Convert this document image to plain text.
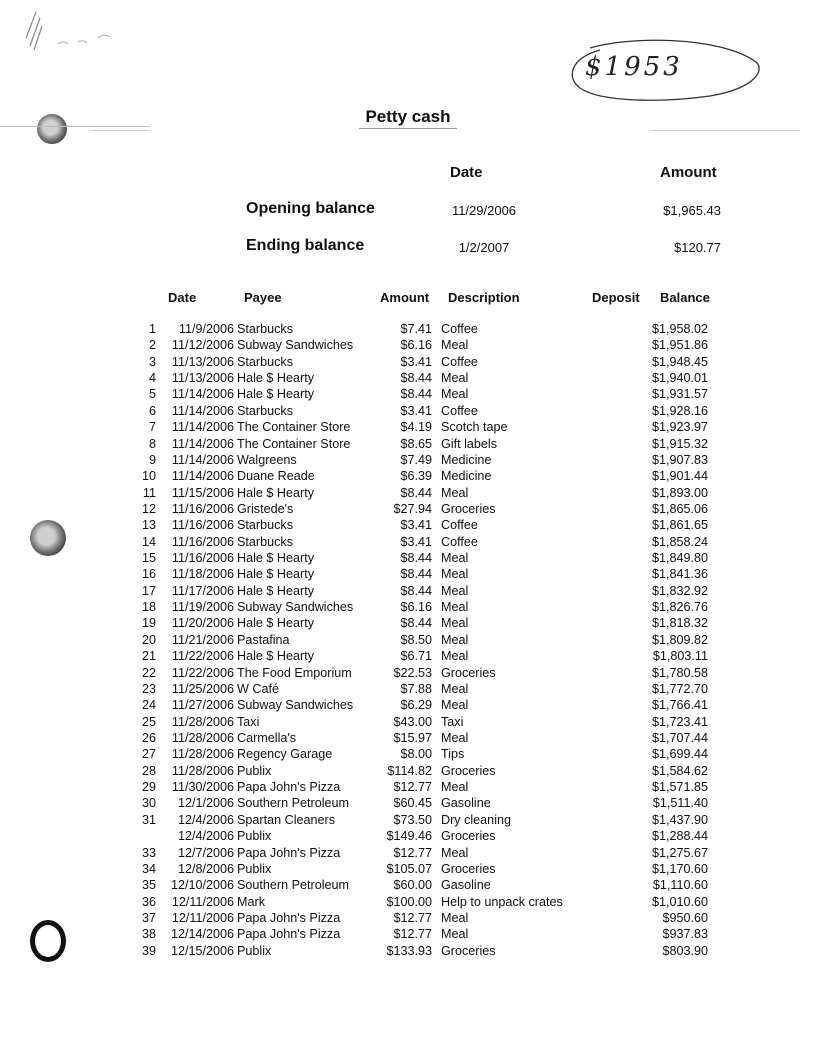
$1953
Petty cash
Date	Amount
Opening balance	11/29/2006	$1,965.43
Ending balance	1/2/2007	$120.77
Date	Payee	Amount Description	Deposit Balance
1	11/9/2006 Starbucks	$7.41 Coffee	$1,958.02
2	11/12/2006 Subway Sandwiches	$6.16 Meal	$1,951.86
3	11/13/2006 Starbucks	$3.41 Coffee	$1,948.45
4	11/13/2006 Hale $ Hearty	$8.44 Meal	$1,940.01
5	11/14/2006 Hale $ Hearty	$8.44 Meal	$1,931.57
6	11/14/2006 Starbucks	$3.41 Coffee	$1,928.16
7	11/14/2006 The Container Store	$4.19 Scotch tape	$1,923.97
8	11/14/2006 The Container Store	$8.65 Gift labels	$1,915.32
9	11/14/2006 Walgreens	$7.49 Medicine	$1,907.83
10	11/14/2006 Duane Reade	$6.39 Medicine	$1,901.44
11	11/15/2006 Hale $ Hearty	$8.44 Meal	$1,893.00
12	11/16/2006 Gristede's	$27.94 Groceries	$1,865.06
13	11/16/2006 Starbucks	$3.41 Coffee	$1,861.65
14	11/16/2006 Starbucks	$3.41 Coffee	$1,858.24
15	11/16/2006 Hale $ Hearty	$8.44 Meal	$1,849.80
16	11/18/2006 Hale $ Hearty	$8.44 Meal	$1,841.36
17	11/17/2006 Hale $ Hearty	$8.44 Meal	$1,832.92
18	11/19/2006 Subway Sandwiches	$6.16 Meal	$1,826.76
19	11/20/2006 Hale $ Hearty	$8.44 Meal	$1,818.32
20	11/21/2006 Pastafina	$8.50 Meal	$1,809.82
21	11/22/2006 Hale $ Hearty	$6.71 Meal	$1,803.11
22	11/22/2006 The Food Emporium	$22.53 Groceries	$1,780.58
23	11/25/2006 W Café	$7.88 Meal	$1,772.70
24	11/27/2006 Subway Sandwiches	$6.29 Meal	$1,766.41
25	11/28/2006 Taxi	$43.00 Taxi	$1,723.41
26	11/28/2006 Carmella's	$15.97 Meal	$1,707.44
27	11/28/2006 Regency Garage	$8.00 Tips	$1,699.44
28	11/28/2006 Publix	$114.82 Groceries	$1,584.62
29	11/30/2006 Papa John's Pizza	$12.77 Meal	$1,571.85
30	12/1/2006 Southern Petroleum	$60.45 Gasoline	$1,511.40
31	12/4/2006 Spartan Cleaners	$73.50 Dry cleaning	$1,437.90
12/4/2006 Publix	$149.46 Groceries	$1,288.44
33	12/7/2006 Papa John's Pizza	$12.77 Meal	$1,275.67
34	12/8/2006 Publix	$105.07 Groceries	$1,170.60
35	12/10/2006 Southern Petroleum	$60.00 Gasoline	$1,110.60
36	12/11/2006 Mark	$100.00 Help to unpack crates	$1,010.60
37	12/11/2006 Papa John's Pizza	$12.77 Meal	$950.60
38	12/14/2006 Papa John's Pizza	$12.77 Meal	$937.83
39	12/15/2006 Publix	$133.93 Groceries	$803.90
